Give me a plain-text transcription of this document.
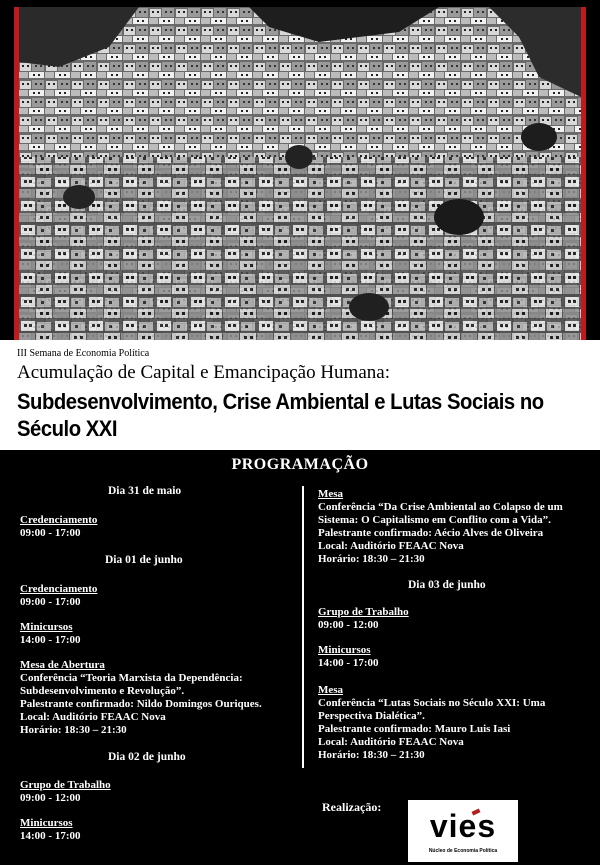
III Semana de Economia Política
Acumulação de Capital e Emancipação Humana:
Subdesenvolvimento, Crise Ambiental e Lutas Sociais no
Século XXI
PROGRAMAÇÃO
Dia 31 de maio
Credenciamento
09:00 - 17:00
Dia 01 de junho
Credenciamento
09:00 - 17:00
Minicursos
14:00 - 17:00
Mesa de Abertura
Conferência “Teoria Marxista da Dependência:
Subdesenvolvimento e Revolução”.
Palestrante confirmado: Nildo Domingos Ouriques.
Local: Auditório FEAAC Nova
Horário: 18:30 – 21:30
Dia 02 de junho
Grupo de Trabalho
09:00 - 12:00
Minicursos
14:00 - 17:00
Mesa
Conferência “Da Crise Ambiental ao Colapso de um
Sistema: O Capitalismo em Conflito com a Vida”.
Palestrante confirmado: Aécio Alves de Oliveira
Local: Auditório FEAAC Nova
Horário: 18:30 – 21:30
Dia 03 de junho
Grupo de Trabalho
09:00 - 12:00
Minicursos
14:00 - 17:00
Mesa
Conferência “Lutas Sociais no Século XXI: Uma
Perspectiva Dialética”.
Palestrante confirmado: Mauro Luis Iasi
Local: Auditório FEAAC Nova
Horário: 18:30 – 21:30
Realização:
vies
Núcleo de Economia Política
